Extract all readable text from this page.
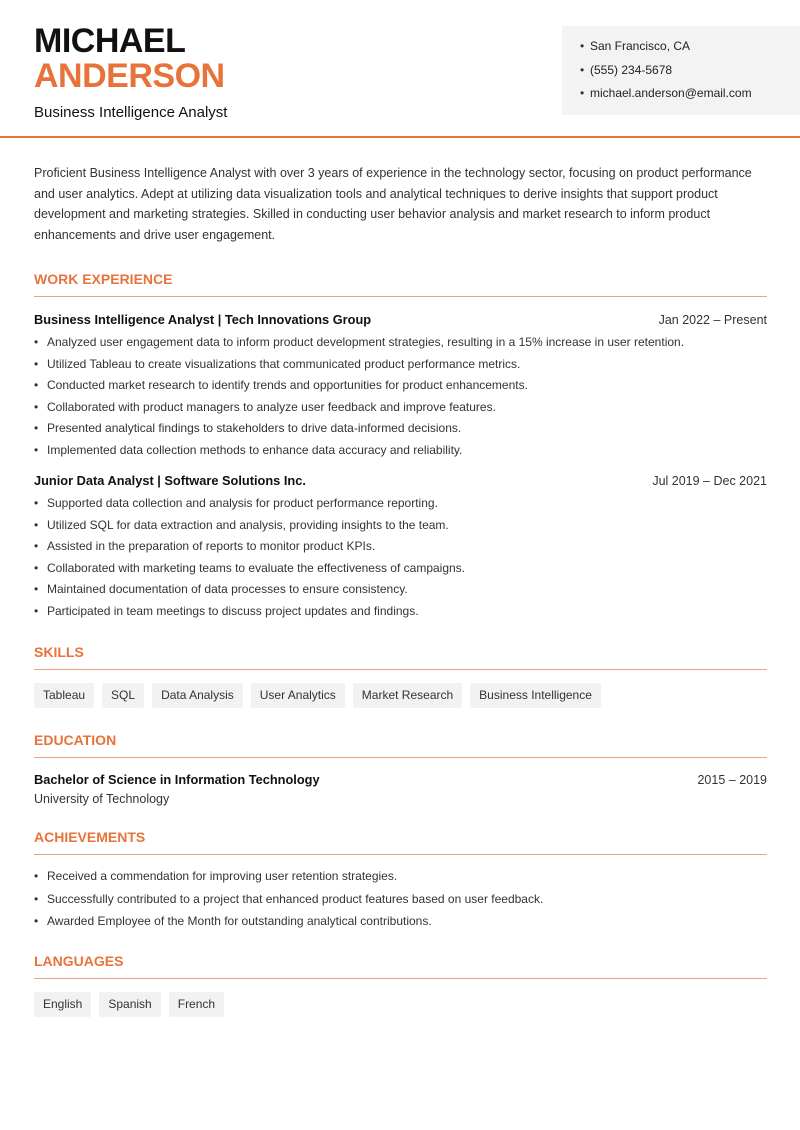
MICHAEL
ANDERSON
Business Intelligence Analyst
• San Francisco, CA
• (555) 234-5678
• michael.anderson@email.com

Proficient Business Intelligence Analyst with over 3 years of experience in the technology sector, focusing on product performance and user analytics. Adept at utilizing data visualization tools and analytical techniques to derive insights that support product development and marketing strategies. Skilled in conducting user behavior analysis and market research to inform product enhancements and drive user engagement.

WORK EXPERIENCE
Business Intelligence Analyst | Tech Innovations Group	Jan 2022 – Present
• Analyzed user engagement data to inform product development strategies, resulting in a 15% increase in user retention.
• Utilized Tableau to create visualizations that communicated product performance metrics.
• Conducted market research to identify trends and opportunities for product enhancements.
• Collaborated with product managers to analyze user feedback and improve features.
• Presented analytical findings to stakeholders to drive data-informed decisions.
• Implemented data collection methods to enhance data accuracy and reliability.
Junior Data Analyst | Software Solutions Inc.	Jul 2019 – Dec 2021
• Supported data collection and analysis for product performance reporting.
• Utilized SQL for data extraction and analysis, providing insights to the team.
• Assisted in the preparation of reports to monitor product KPIs.
• Collaborated with marketing teams to evaluate the effectiveness of campaigns.
• Maintained documentation of data processes to ensure consistency.
• Participated in team meetings to discuss project updates and findings.
SKILLS
Tableau	SQL	Data Analysis	User Analytics	Market Research	Business Intelligence
EDUCATION
Bachelor of Science in Information Technology	2015 – 2019
University of Technology
ACHIEVEMENTS
• Received a commendation for improving user retention strategies.
• Successfully contributed to a project that enhanced product features based on user feedback.
• Awarded Employee of the Month for outstanding analytical contributions.
LANGUAGES
English	Spanish	French
